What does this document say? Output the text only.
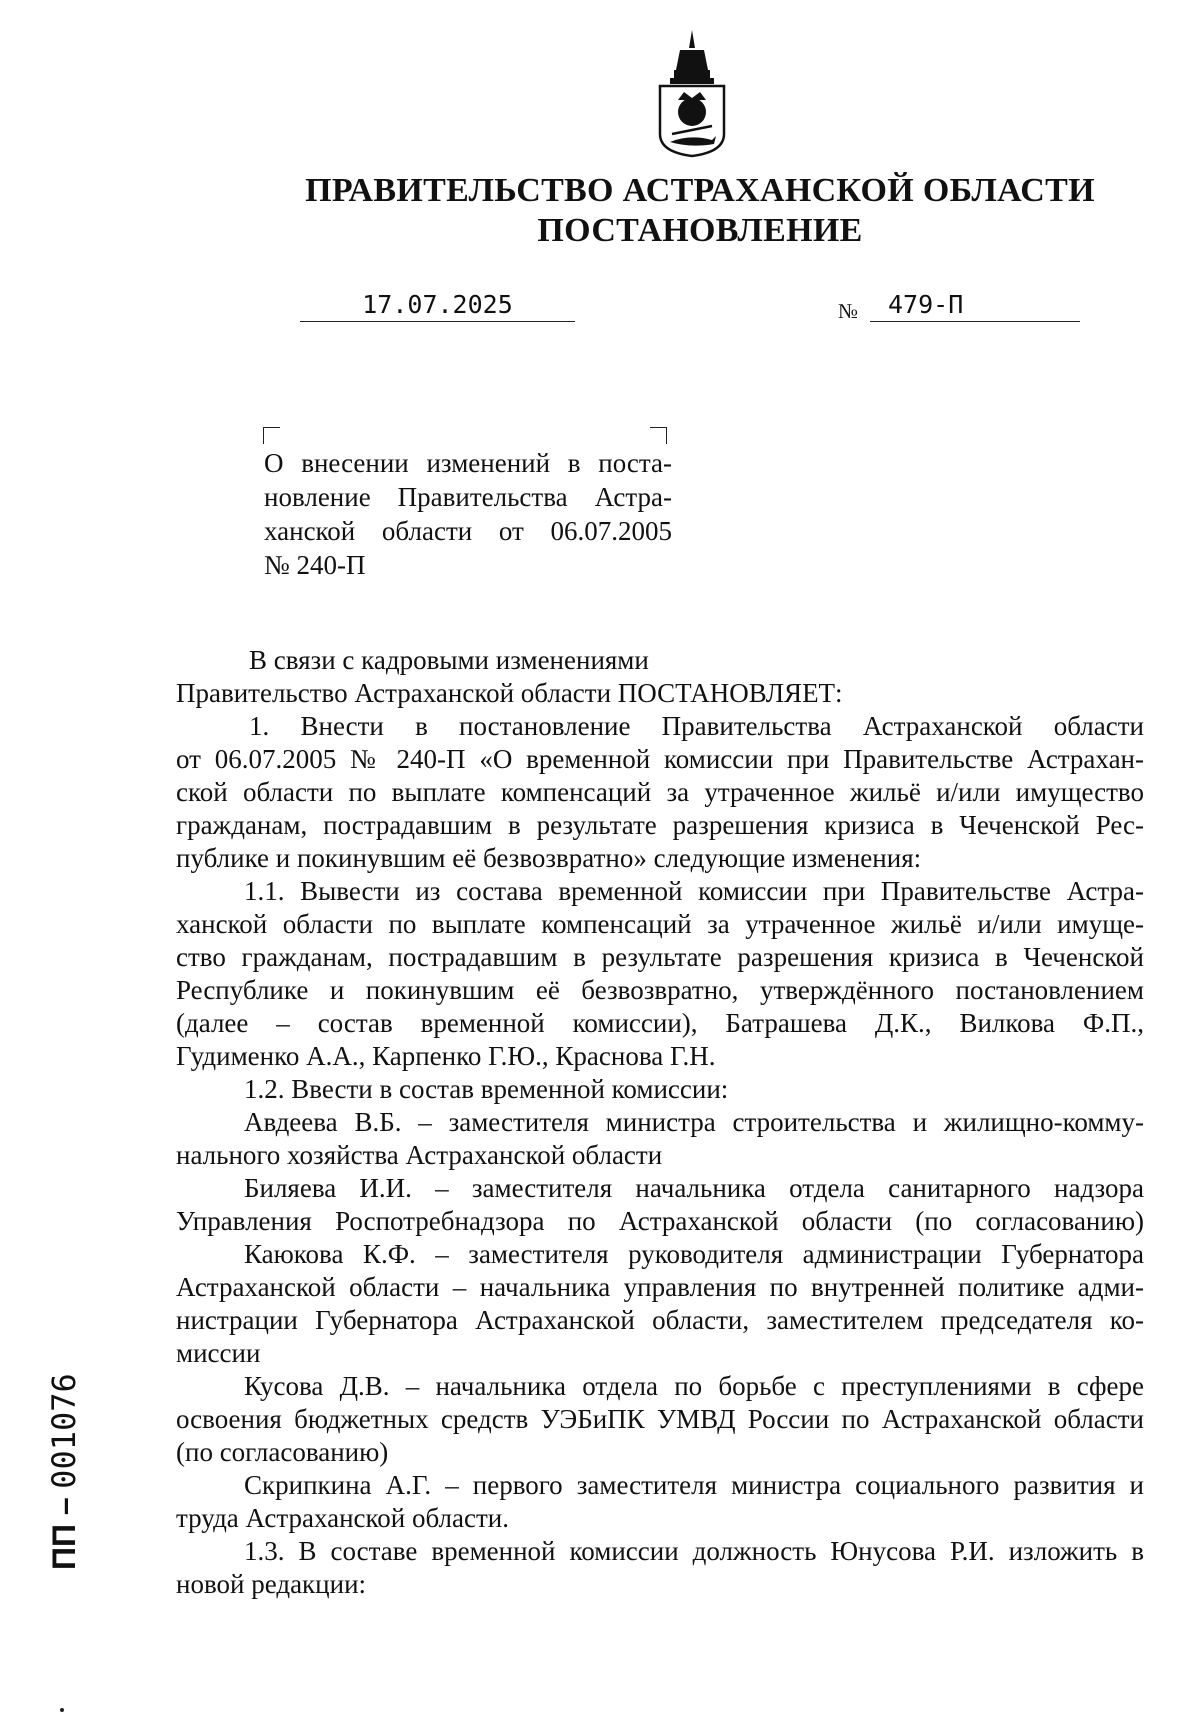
ПРАВИТЕЛЬСТВО АСТРАХАНСКОЙ ОБЛАСТИ
ПОСТАНОВЛЕНИЕ
17.07.2025	№	479-П
О внесении изменений в поста-
новление Правительства Астра-
ханской области от 06.07.2005
№ 240-П
В связи с кадровыми изменениями
Правительство Астраханской области ПОСТАНОВЛЯЕТ:
1. Внести в постановление Правительства Астраханской области
от 06.07.2005 № 240-П «О временной комиссии при Правительстве Астрахан-
ской области по выплате компенсаций за утраченное жильё и/или имущество
гражданам, пострадавшим в результате разрешения кризиса в Чеченской Рес-
публике и покинувшим её безвозвратно» следующие изменения:
1.1. Вывести из состава временной комиссии при Правительстве Астра-
ханской области по выплате компенсаций за утраченное жильё и/или имуще-
ство гражданам, пострадавшим в результате разрешения кризиса в Чеченской
Республике и покинувшим её безвозвратно, утверждённого постановлением
(далее – состав временной комиссии), Батрашева Д.К., Вилкова Ф.П.,
Гудименко А.А., Карпенко Г.Ю., Краснова Г.Н.
1.2. Ввести в состав временной комиссии:
Авдеева В.Б. – заместителя министра строительства и жилищно-комму-
нального хозяйства Астраханской области
Биляева И.И. – заместителя начальника отдела санитарного надзора
Управления Роспотребнадзора по Астраханской области (по согласованию)
Каюкова К.Ф. – заместителя руководителя администрации Губернатора
Астраханской области – начальника управления по внутренней политике адми-
нистрации Губернатора Астраханской области, заместителем председателя ко-
миссии
Кусова Д.В. – начальника отдела по борьбе с преступлениями в сфере
освоения бюджетных средств УЭБиПК УМВД России по Астраханской области
(по согласованию)
Скрипкина А.Г. – первого заместителя министра социального развития и
труда Астраханской области.
1.3. В составе временной комиссии должность Юнусова Р.И. изложить в
новой редакции:
ПП – 001076
